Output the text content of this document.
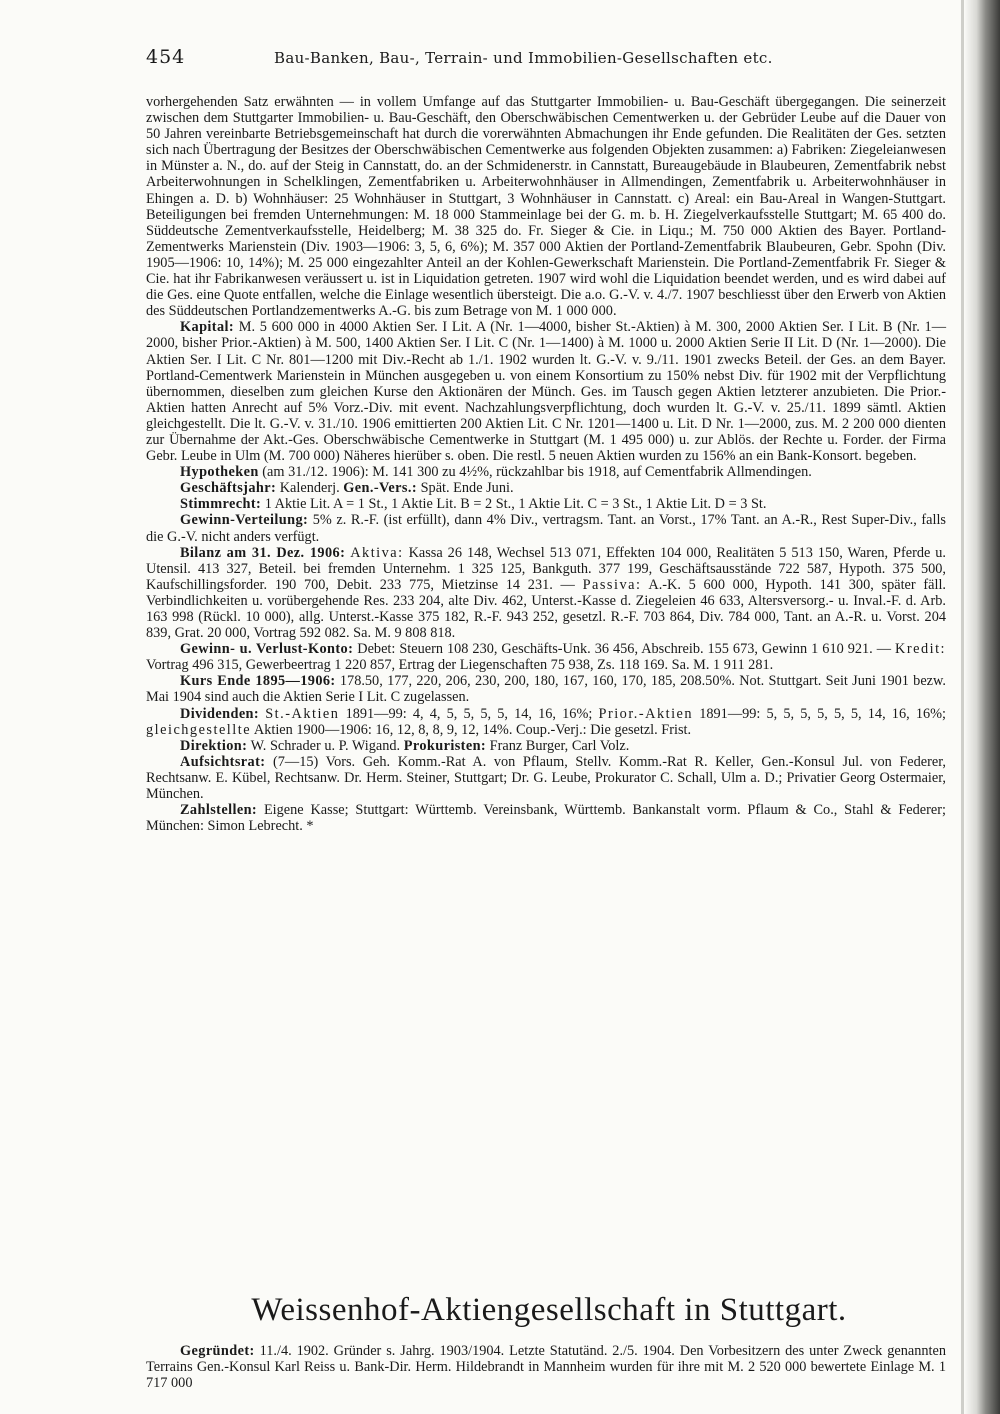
454	Bau-Banken, Bau-, Terrain- und Immobilien-Gesellschaften etc.

vorhergehenden Satz erwähnten — in vollem Umfange auf das Stuttgarter Immobilien- u. Bau-Geschäft übergegangen. Die seinerzeit zwischen dem Stuttgarter Immobilien- u. Bau-Geschäft, den Oberschwäbischen Cementwerken u. der Gebrüder Leube auf die Dauer von 50 Jahren vereinbarte Betriebsgemeinschaft hat durch die vorerwähnten Abmachungen ihr Ende gefunden. Die Realitäten der Ges. setzten sich nach Übertragung der Besitzes der Oberschwäbischen Cementwerke aus folgenden Objekten zusammen: a) Fabriken: Ziegeleianwesen in Münster a. N., do. auf der Steig in Cannstatt, do. an der Schmidenerstr. in Cannstatt, Bureaugebäude in Blaubeuren, Zementfabrik nebst Arbeiterwohnungen in Schelklingen, Zementfabriken u. Arbeiterwohnhäuser in Allmendingen, Zementfabrik u. Arbeiterwohnhäuser in Ehingen a. D. b) Wohnhäuser: 25 Wohnhäuser in Stuttgart, 3 Wohnhäuser in Cannstatt. c) Areal: ein Bau-Areal in Wangen-Stuttgart. Beteiligungen bei fremden Unternehmungen: M. 18 000 Stammeinlage bei der G. m. b. H. Ziegelverkaufsstelle Stuttgart; M. 65 400 do. Süddeutsche Zementverkaufsstelle, Heidelberg; M. 38 325 do. Fr. Sieger & Cie. in Liqu.; M. 750 000 Aktien des Bayer. Portland-Zementwerks Marienstein (Div. 1903—1906: 3, 5, 6, 6%); M. 357 000 Aktien der Portland-Zementfabrik Blaubeuren, Gebr. Spohn (Div. 1905—1906: 10, 14%); M. 25 000 eingezahlter Anteil an der Kohlen-Gewerkschaft Marienstein. Die Portland-Zementfabrik Fr. Sieger & Cie. hat ihr Fabrikanwesen veräussert u. ist in Liquidation getreten. 1907 wird wohl die Liquidation beendet werden, und es wird dabei auf die Ges. eine Quote entfallen, welche die Einlage wesentlich übersteigt. Die a.o. G.-V. v. 4./7. 1907 beschliesst über den Erwerb von Aktien des Süddeutschen Portlandzementwerks A.-G. bis zum Betrage von M. 1 000 000.

Kapital: M. 5 600 000 in 4000 Aktien Ser. I Lit. A (Nr. 1—4000, bisher St.-Aktien) à M. 300, 2000 Aktien Ser. I Lit. B (Nr. 1—2000, bisher Prior.-Aktien) à M. 500, 1400 Aktien Ser. I Lit. C (Nr. 1—1400) à M. 1000 u. 2000 Aktien Serie II Lit. D (Nr. 1—2000). Die Aktien Ser. I Lit. C Nr. 801—1200 mit Div.-Recht ab 1./1. 1902 wurden lt. G.-V. v. 9./11. 1901 zwecks Beteil. der Ges. an dem Bayer. Portland-Cementwerk Marienstein in München ausgegeben u. von einem Konsortium zu 150% nebst Div. für 1902 mit der Verpflichtung übernommen, dieselben zum gleichen Kurse den Aktionären der Münch. Ges. im Tausch gegen Aktien letzterer anzubieten. Die Prior.-Aktien hatten Anrecht auf 5% Vorz.-Div. mit event. Nachzahlungsverpflichtung, doch wurden lt. G.-V. v. 25./11. 1899 sämtl. Aktien gleichgestellt. Die lt. G.-V. v. 31./10. 1906 emittierten 200 Aktien Lit. C Nr. 1201—1400 u. Lit. D Nr. 1—2000, zus. M. 2 200 000 dienten zur Übernahme der Akt.-Ges. Oberschwäbische Cementwerke in Stuttgart (M. 1 495 000) u. zur Ablös. der Rechte u. Forder. der Firma Gebr. Leube in Ulm (M. 700 000) Näheres hierüber s. oben. Die restl. 5 neuen Aktien wurden zu 156% an ein Bank-Konsort. begeben.

Hypotheken (am 31./12. 1906): M. 141 300 zu 4½%, rückzahlbar bis 1918, auf Cementfabrik Allmendingen.

Geschäftsjahr: Kalenderj. Gen.-Vers.: Spät. Ende Juni.

Stimmrecht: 1 Aktie Lit. A = 1 St., 1 Aktie Lit. B = 2 St., 1 Aktie Lit. C = 3 St., 1 Aktie Lit. D = 3 St.

Gewinn-Verteilung: 5% z. R.-F. (ist erfüllt), dann 4% Div., vertragsm. Tant. an Vorst., 17% Tant. an A.-R., Rest Super-Div., falls die G.-V. nicht anders verfügt.

Bilanz am 31. Dez. 1906: Aktiva: Kassa 26 148, Wechsel 513 071, Effekten 104 000, Realitäten 5 513 150, Waren, Pferde u. Utensil. 413 327, Beteil. bei fremden Unternehm. 1 325 125, Bankguth. 377 199, Geschäftsausstände 722 587, Hypoth. 375 500, Kaufschillingsforder. 190 700, Debit. 233 775, Mietzinse 14 231. — Passiva: A.-K. 5 600 000, Hypoth. 141 300, später fäll. Verbindlichkeiten u. vorübergehende Res. 233 204, alte Div. 462, Unterst.-Kasse d. Ziegeleien 46 633, Altersversorg.- u. Inval.-F. d. Arb. 163 998 (Rückl. 10 000), allg. Unterst.-Kasse 375 182, R.-F. 943 252, gesetzl. R.-F. 703 864, Div. 784 000, Tant. an A.-R. u. Vorst. 204 839, Grat. 20 000, Vortrag 592 082. Sa. M. 9 808 818.

Gewinn- u. Verlust-Konto: Debet: Steuern 108 230, Geschäfts-Unk. 36 456, Abschreib. 155 673, Gewinn 1 610 921. — Kredit: Vortrag 496 315, Gewerbeertrag 1 220 857, Ertrag der Liegenschaften 75 938, Zs. 118 169. Sa. M. 1 911 281.

Kurs Ende 1895—1906: 178.50, 177, 220, 206, 230, 200, 180, 167, 160, 170, 185, 208.50%. Not. Stuttgart. Seit Juni 1901 bezw. Mai 1904 sind auch die Aktien Serie I Lit. C zugelassen.

Dividenden: St.-Aktien 1891—99: 4, 4, 5, 5, 5, 5, 14, 16, 16%; Prior.-Aktien 1891—99: 5, 5, 5, 5, 5, 5, 14, 16, 16%; gleichgestellte Aktien 1900—1906: 16, 12, 8, 8, 9, 12, 14%. Coup.-Verj.: Die gesetzl. Frist.

Direktion: W. Schrader u. P. Wigand. Prokuristen: Franz Burger, Carl Volz.

Aufsichtsrat: (7—15) Vors. Geh. Komm.-Rat A. von Pflaum, Stellv. Komm.-Rat R. Keller, Gen.-Konsul Jul. von Federer, Rechtsanw. E. Kübel, Rechtsanw. Dr. Herm. Steiner, Stuttgart; Dr. G. Leube, Prokurator C. Schall, Ulm a. D.; Privatier Georg Ostermaier, München.

Zahlstellen: Eigene Kasse; Stuttgart: Württemb. Vereinsbank, Württemb. Bankanstalt vorm. Pflaum & Co., Stahl & Federer; München: Simon Lebrecht. *

Weissenhof-Aktiengesellschaft in Stuttgart.

Gegründet: 11./4. 1902. Gründer s. Jahrg. 1903/1904. Letzte Statutänd. 2./5. 1904. Den Vorbesitzern des unter Zweck genannten Terrains Gen.-Konsul Karl Reiss u. Bank-Dir. Herm. Hildebrandt in Mannheim wurden für ihre mit M. 2 520 000 bewertete Einlage M. 1 717 000
